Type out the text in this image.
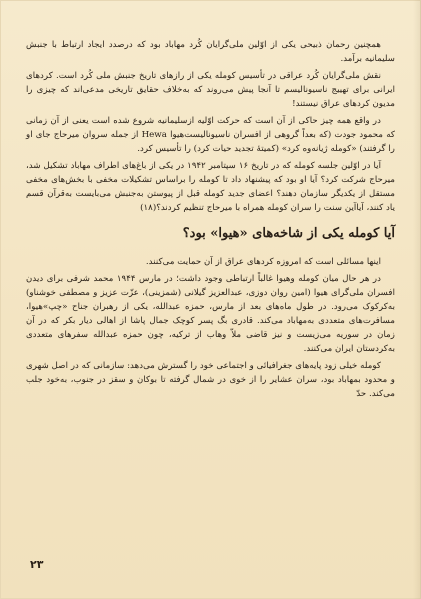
همچنین رحمان ذبیحی یکی از اوّلین ملی‌گرایان کُرد مهاباد بود که درصدد ایجاد ارتباط با جنبش سلیمانیه برآمد.

نقش ملی‌گرایان کُرد عراقی در تأسیس کومله یکی از رازهای تاریخ جنبش ملی کُرد است. کردهای ایرانی برای تهییج ناسیونالیسم تا آنجا پیش می‌روند که به‌خلاف حقایق تاریخی مدعی‌اند که چیزی را مدیون کردهای عراق نیستند!

در واقع همه چیز حاکی از آن است که حرکت اوّلیه ازسلیمانیه شروع شده است یعنی از آن زمانی که محمود جودت (که بعداً گروهی از افسران ناسیونالیست‌هیوا Hewa از جمله سروان میرحاج جای او را گرفتند) «کومله ژیانه‌وه کرد» (کمیتهٔ تجدید حیات کرد) را تأسیس کرد.

آیا در اوّلین جلسه کومله که در تاریخ ۱۶ سپتامبر ۱۹۴۲ در یکی از باغ‌های اطراف مهاباد تشکیل شد، میرحاج شرکت کرد؟ آیا او بود که پیشنهاد داد تا کومله را براساس تشکیلات مخفی با بخش‌های مخفی مستقل از یکدیگر سازمان دهند؟ اعضای جدید کومله قبل از پیوستن به‌جنبش می‌بایست به‌قرآن قسم یاد کنند، آیاآین سنت را سران کومله همراه با میرحاج تنظیم کردند؟(۱۸)

آیا کومله یکی از شاخه‌های «هیوا» بود؟

اینها مسائلی است که امروزه کردهای عراق از آن حمایت می‌کنند.

در هر حال میان کومله وهیوا غالباً ارتباطی وجود داشت؛ در مارس ۱۹۴۴ محمد شرفی برای دیدن افسران ملی‌گرای هیوا (امین روان دوزی، عبدالعزیز گیلانی (شمزینی)، عزّت عزیز و مصطفی خوشناو) به‌کرکوک می‌رود. در طول ماه‌های بعد از مارس، حمزه عبدالله، یکی از رهبران جناح «چپ»هیوا، مسافرت‌های متعددی به‌مهاباد می‌کند. قادری بگ پسر کوچک جمال پاشا از اهالی دیار بکر که در آن زمان در سوریه می‌زیست و نیز قاضی ملاّ وهاب از ترکیه، چون حمزه عبدالله سفرهای متعددی به‌کردستان ایران می‌کنند.

کومله خیلی زود پایه‌های جغرافیائی و اجتماعی خود را گسترش می‌دهد: سازمانی که در اصل شهری و محدود بمهاباد بود، سران عشایر را از خوی در شمال گرفته تا بوکان و سقز در جنوب، به‌خود جلب می‌کند. حدّ

۲۳
